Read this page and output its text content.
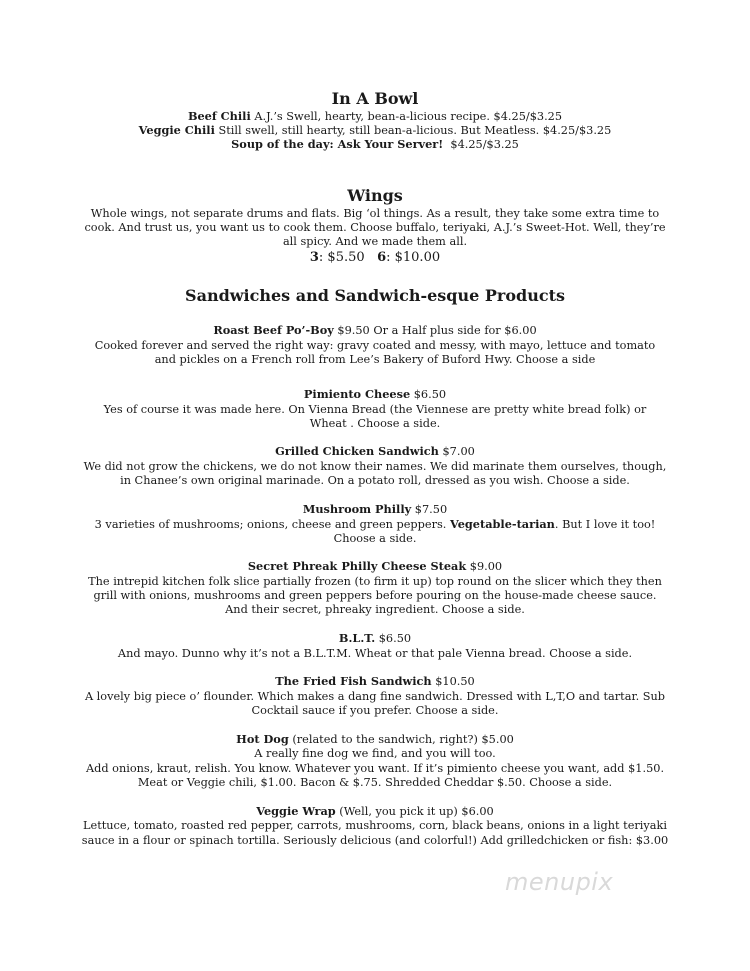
In A Bowl

Beef Chili A.J.’s Swell, hearty, bean-a-licious recipe. $4.25/$3.25

Veggie Chili Still swell, still hearty, still bean-a-licious. But Meatless. $4.25/$3.25

Soup of the day: Ask Your Server!  $4.25/$3.25

Wings

Whole wings, not separate drums and flats. Big ‘ol things. As a result, they take some extra time to

cook. And trust us, you want us to cook them. Choose buffalo, teriyaki, A.J.’s Sweet-Hot. Well, they’re

all spicy. And we made them all.

3: $5.50 6: $10.00
Sandwiches and Sandwich-esque Products

Roast Beef Po’-Boy $9.50 Or a Half plus side for $6.00

Cooked forever and served the right way: gravy coated and messy, with mayo, lettuce and tomato

and pickles on a French roll from Lee’s Bakery of Buford Hwy. Choose a side

Pimiento Cheese $6.50

Yes of course it was made here. On Vienna Bread (the Viennese are pretty white bread folk) or

Wheat . Choose a side.

Grilled Chicken Sandwich $7.00

We did not grow the chickens, we do not know their names. We did marinate them ourselves, though,

in Chanee’s own original marinade. On a potato roll, dressed as you wish. Choose a side.

Mushroom Philly $7.50

3 varieties of mushrooms; onions, cheese and green peppers. Vegetable-tarian. But I love it too!

Choose a side.

Secret Phreak Philly Cheese Steak $9.00

The intrepid kitchen folk slice partially frozen (to firm it up) top round on the slicer which they then

grill with onions, mushrooms and green peppers before pouring on the house-made cheese sauce.

And their secret, phreaky ingredient. Choose a side.

B.L.T. $6.50

And mayo. Dunno why it’s not a B.L.T.M. Wheat or that pale Vienna bread. Choose a side.

The Fried Fish Sandwich $10.50

A lovely big piece o’ flounder. Which makes a dang fine sandwich. Dressed with L,T,O and tartar. Sub

Cocktail sauce if you prefer. Choose a side.

Hot Dog (related to the sandwich, right?) $5.00

A really fine dog we find, and you will too.

Add onions, kraut, relish. You know. Whatever you want. If it’s pimiento cheese you want, add $1.50.

Meat or Veggie chili, $1.00. Bacon & $.75. Shredded Cheddar $.50. Choose a side.

Veggie Wrap (Well, you pick it up) $6.00

Lettuce, tomato, roasted red pepper, carrots, mushrooms, corn, black beans, onions in a light teriyaki

sauce in a flour or spinach tortilla. Seriously delicious (and colorful!) Add grilledchicken or fish: $3.00

menupix
